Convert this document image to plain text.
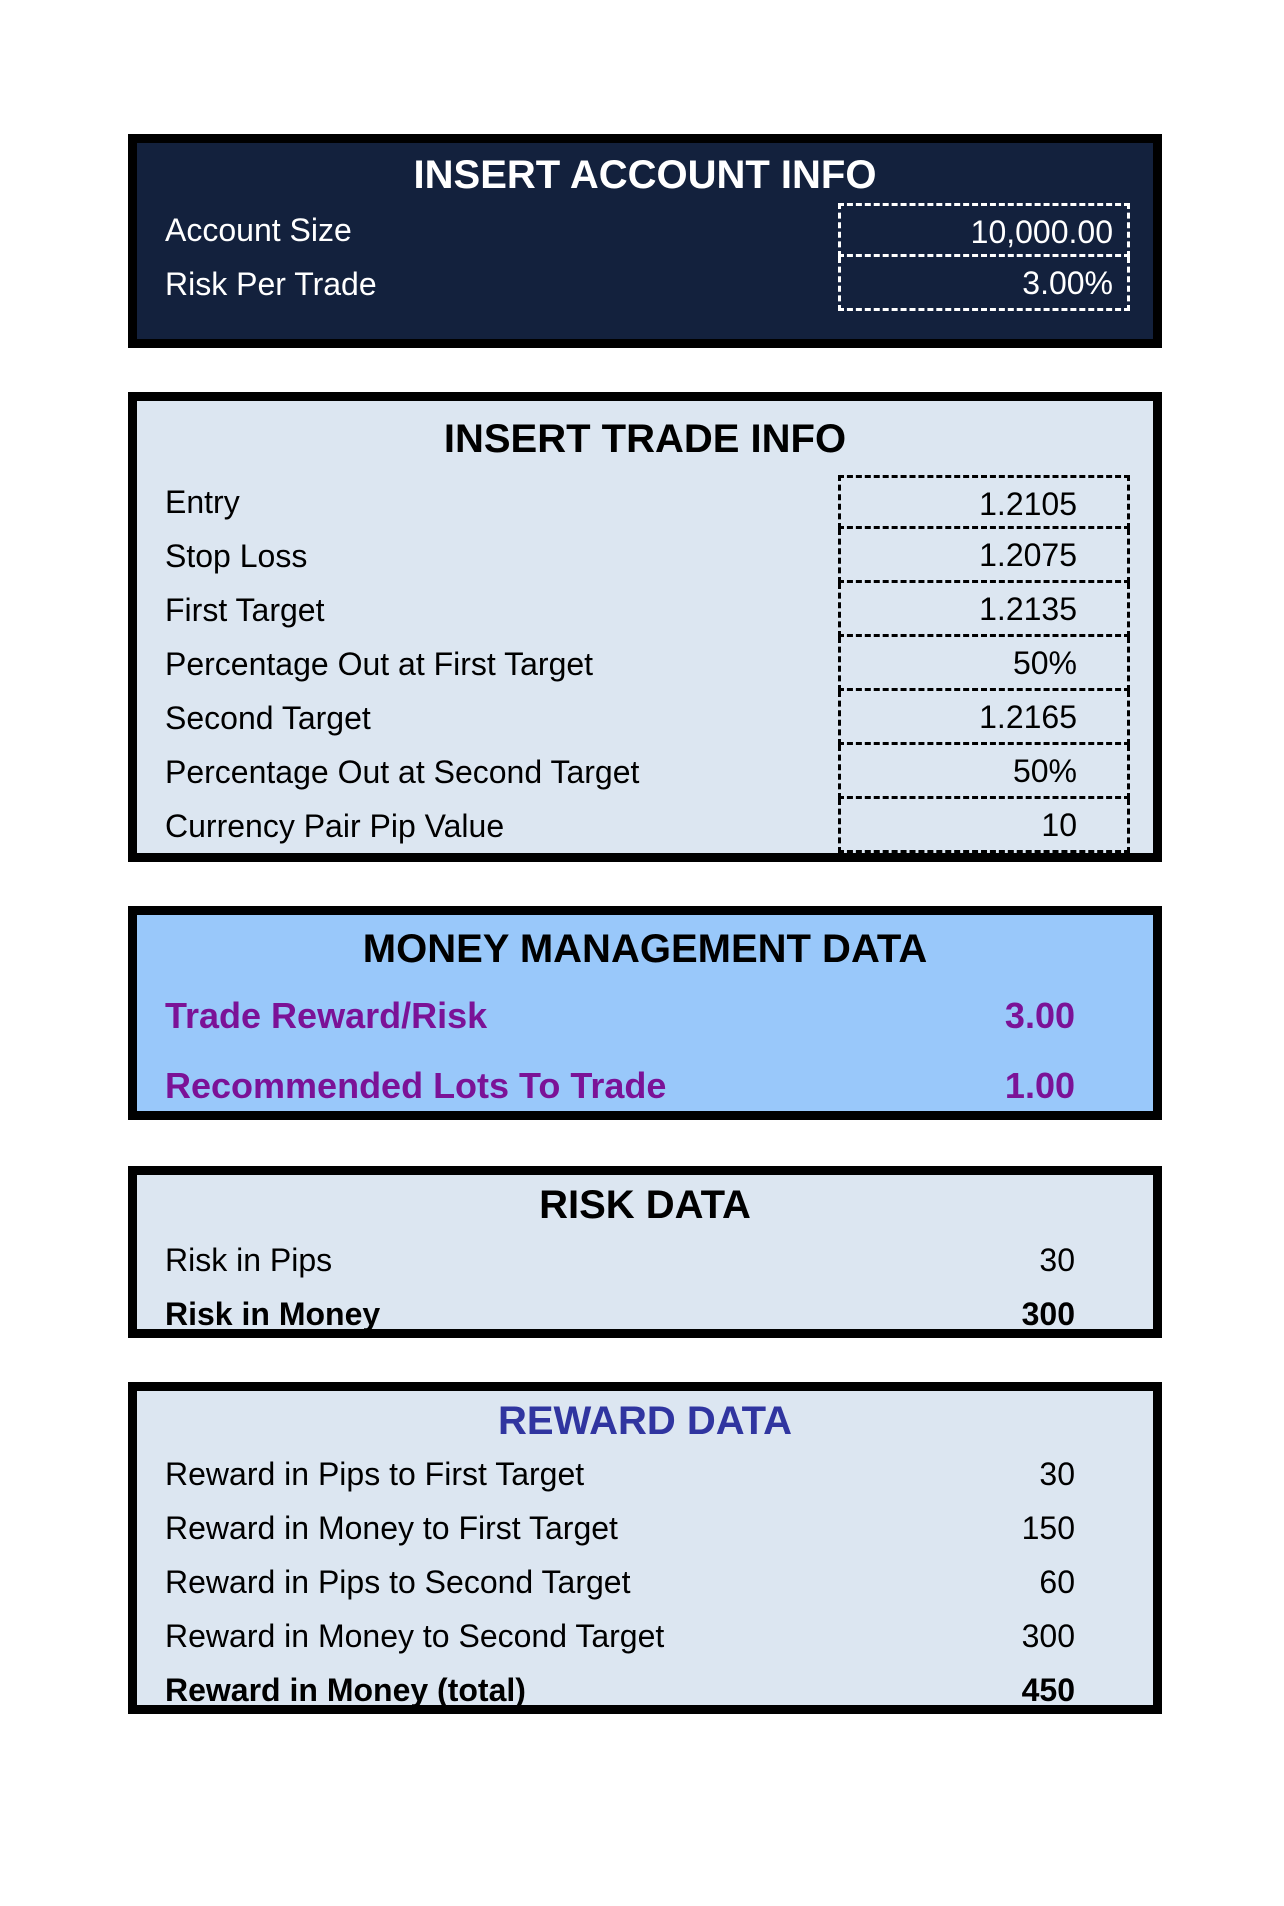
INSERT ACCOUNT INFO
Account Size	10,000.00
Risk Per Trade	3.00%
INSERT TRADE INFO
Entry	1.2105
Stop Loss	1.2075
First Target	1.2135
Percentage Out at First Target	50%
Second Target	1.2165
Percentage Out at Second Target	50%
Currency Pair Pip Value	10
MONEY MANAGEMENT DATA
Trade Reward/Risk	3.00
Recommended Lots To Trade	1.00
RISK DATA
Risk in Pips	30
Risk in Money	300
REWARD DATA
Reward in Pips to First Target	30
Reward in Money to First Target	150
Reward in Pips to Second Target	60
Reward in Money to Second Target	300
Reward in Money (total)	450
